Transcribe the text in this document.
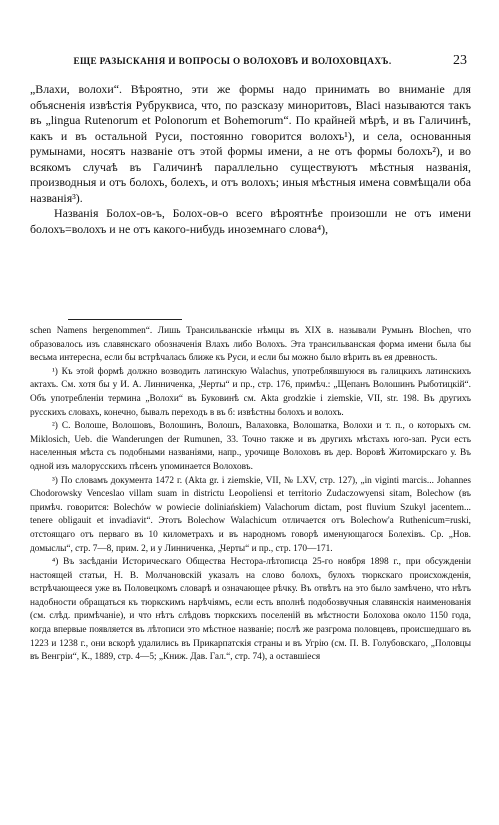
ЕЩЕ РАЗЫСКАНІЯ И ВОПРОСЫ О ВОЛОХОВЪ И ВОЛОХОВЦАХЪ.	23

„Влахи, волохи“. Вѣроятно, эти же формы надо принимать во вниманіе для объясненія извѣстія Рубруквиса, что, по разсказу миноритовъ, Blaci называются такъ въ „lingua Rutenorum et Polonorum et Bohemorum“. По крайней мѣрѣ, и въ Галичинѣ, какъ и въ остальной Руси, постоянно говорится волохъ¹), и села, основанныя румынами, носятъ названіе отъ этой формы имени, а не отъ формы болохъ²), и во всякомъ случаѣ въ Галичинѣ параллельно существуютъ мѣстныя названія, производныя и отъ болохъ, болехъ, и отъ волохъ; иныя мѣстныя имена совмѣщали оба названія³).

Названія Болох-ов-ъ, Болох-ов-о всего вѣроятнѣе произошли не отъ имени болохъ=волохъ и не отъ какого-нибудь иноземнаго слова⁴),

schen Namens hergenommen“. Лишь Трансильванскіе нѣмцы въ XIX в. называли Румынъ Blochen, что образовалось изъ славянскаго обозначенія Влахъ либо Волохъ. Эта трансильванская форма имени была бы весьма интересна, если бы встрѣчалась ближе къ Руси, и если бы можно было вѣрить въ ея древность.

¹) Къ этой формѣ должно возводить латинскую Walachus, употреблявшуюся въ галицкихъ латинскихъ актахъ. См. хотя бы у И. А. Линниченка, „Черты“ и пр., стр. 176, примѣч.: „Щепанъ Волошинъ Рыботицкій“. Объ употребленіи термина „Волохи“ въ Буковинѣ см. Akta grodzkie i ziemskie, VII, str. 198. Въ другихъ русскихъ словахъ, конечно, бывалъ переходъ в въ б: извѣстны болохъ и волохъ.

²) С. Волоше, Волошовъ, Волошинъ, Волошъ, Валаховка, Волошатка, Волохи и т. п., о которыхъ см. Miklosich, Ueb. die Wanderungen der Rumunen, 33. Точно также и въ другихъ мѣстахъ юго-зап. Руси есть населенныя мѣста съ подобными названіями, напр., урочище Волоховъ въ дер. Воровѣ Житомирскаго у. Въ одной изъ малорусскихъ пѣсенъ упоминается Волоховъ.

³) По словамъ документа 1472 г. (Akta gr. i ziemskie, VII, № LXV, стр. 127), „in vigintі marcis... Johannes Chodorowsky Venceslao villam suam in districtu Leopoliensi et territorio Zudaczowyensi sitam, Bolechow (въ примѣч. говорится: Bolechów w powiecie doliniańskiem) Valachorum dictam, post fluvium Szukyl jacentem... tenere obligauit et invadiavit“. Этотъ Bolechow Walachicum отличается отъ Bolechow'a Ruthenicum=ruski, отстоящаго отъ перваго въ 10 километрахъ и въ народномъ говорѣ именующагося Болехівъ. Ср. „Нов. домыслы“, стр. 7—8, прим. 2, и у Линниченка, „Черты“ и пр., стр. 170—171.

⁴) Въ засѣданіи Историческаго Общества Нестора-лѣтописца 25-го ноября 1898 г., при обсужденіи настоящей статьи, Н. В. Молчановскій указалъ на слово болохъ, булохъ тюркскаго происхожденія, встрѣчающееся уже въ Половецкомъ словарѣ и означающее рѣчку. Въ отвѣтъ на это было замѣчено, что нѣтъ надобности обращаться къ тюркскимъ нарѣчіямъ, если есть вполнѣ подобозвучныя славянскія наименованія (см. слѣд. примѣчаніе), и что нѣтъ слѣдовъ тюркскихъ поселеній въ мѣстности Болохова около 1150 года, когда впервые появляется въ лѣтописи это мѣстное названіе; послѣ же разгрома половцевъ, происшедшаго въ 1223 и 1238 г., они вскорѣ удалились въ Прикарпатскія страны и въ Угрію (см. П. В. Голубовскаго, „Половцы въ Венгріи“, К., 1889, стр. 4—5; „Книж. Дав. Гал.“, стр. 74), а оставшіеся
